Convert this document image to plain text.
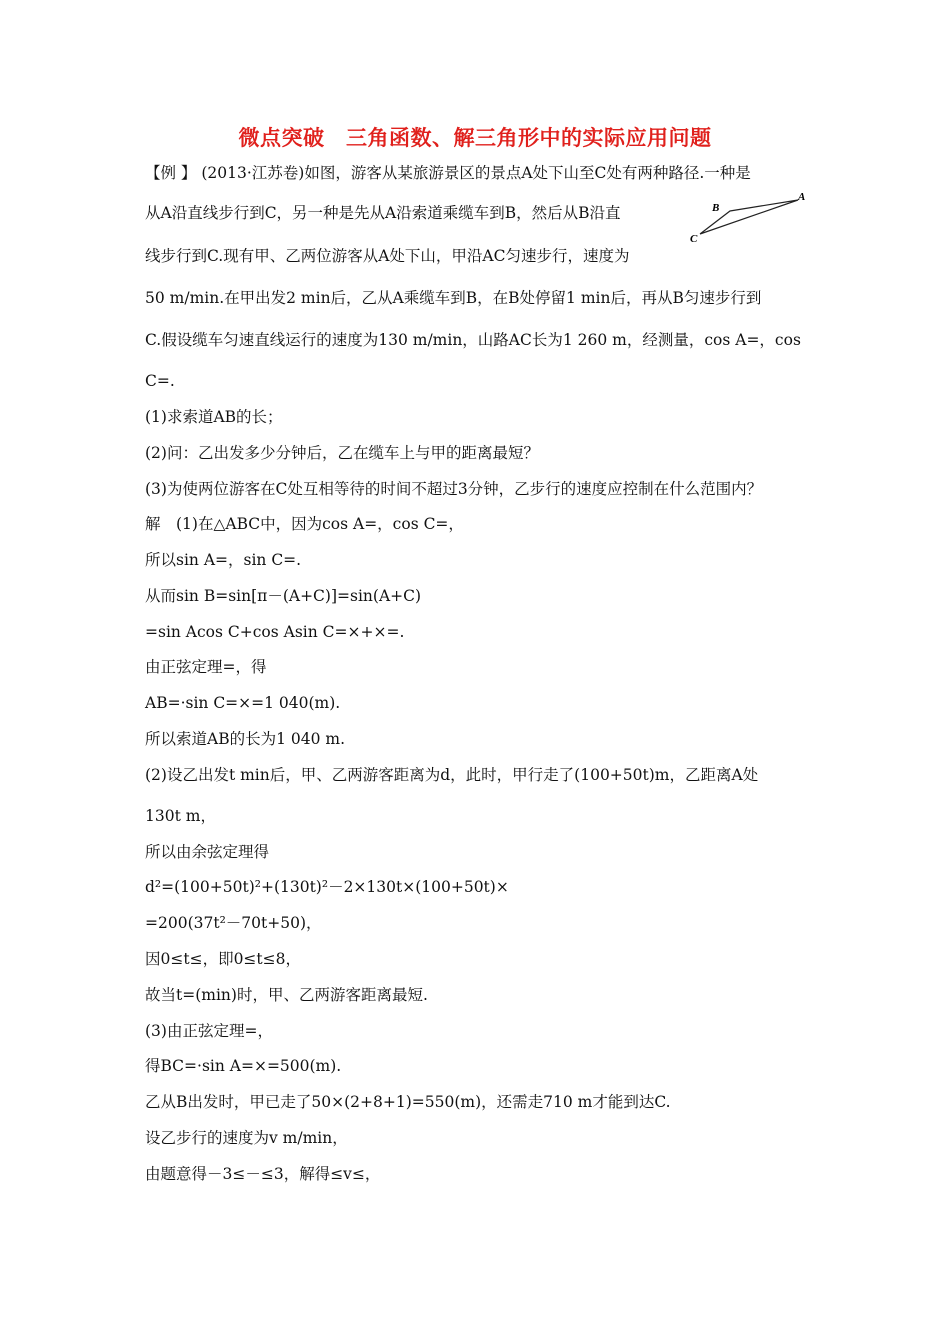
微点突破　三角函数、解三角形中的实际应用问题
【例 】 (2013·江苏卷)如图，游客从某旅游景区的景点A处下山至C处有两种路径.一种是
从A沿直线步行到C，另一种是先从A沿索道乘缆车到B，然后从B沿直
线步行到C.现有甲、乙两位游客从A处下山，甲沿AC匀速步行，速度为
50 m/min.在甲出发2 min后，乙从A乘缆车到B，在B处停留1 min后，再从B匀速步行到
C.假设缆车匀速直线运行的速度为130 m/min，山路AC长为1 260 m，经测量，cos A=，cos
C=.
(1)求索道AB的长；
(2)问：乙出发多少分钟后，乙在缆车上与甲的距离最短？
(3)为使两位游客在C处互相等待的时间不超过3分钟，乙步行的速度应控制在什么范围内？
解　(1)在△ABC中，因为cos A=，cos C=，
所以sin A=，sin C=.
从而sin B=sin[π－(A+C)]=sin(A+C)
=sin Acos C+cos Asin C=×+×=.
由正弦定理=，得
AB=·sin C=×=1 040(m).
所以索道AB的长为1 040 m.
(2)设乙出发t min后，甲、乙两游客距离为d，此时，甲行走了(100+50t)m，乙距离A处
130t m，
所以由余弦定理得
d²=(100+50t)²+(130t)²－2×130t×(100+50t)×
=200(37t²－70t+50)，
因0≤t≤，即0≤t≤8，
故当t=(min)时，甲、乙两游客距离最短.
(3)由正弦定理=，
得BC=·sin A=×=500(m).
乙从B出发时，甲已走了50×(2+8+1)=550(m)，还需走710 m才能到达C.
设乙步行的速度为v m/min，
由题意得－3≤－≤3，解得≤v≤，
A
B
C
